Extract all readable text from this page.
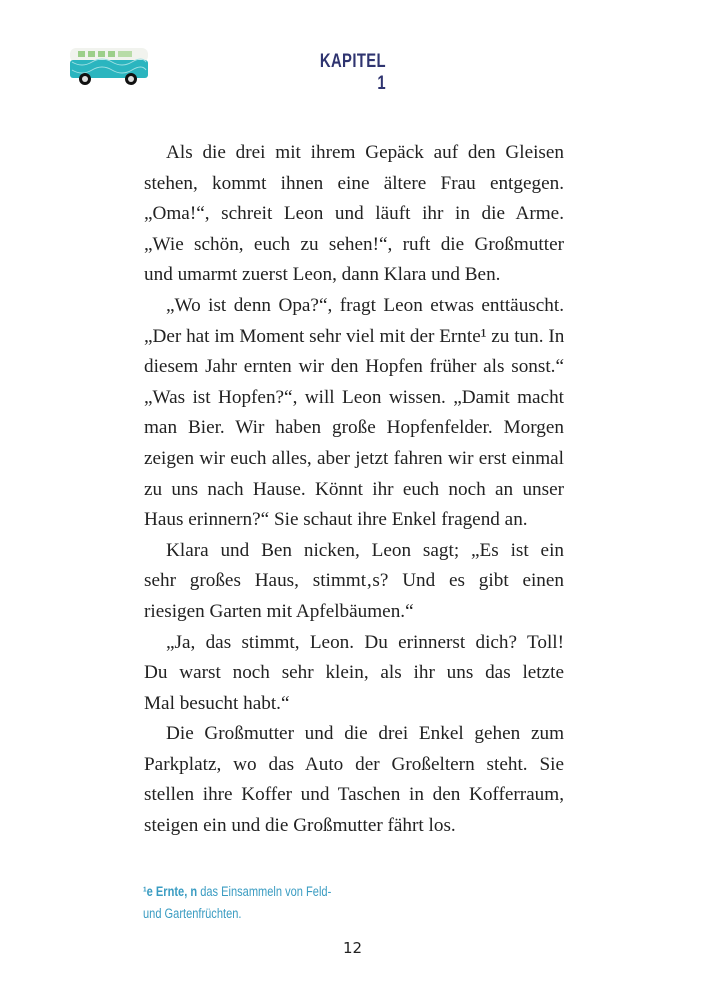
KAPITEL 1
Als die drei mit ihrem Gepäck auf den Gleisen
stehen, kommt ihnen eine ältere Frau entgegen.
„Oma!“, schreit Leon und läuft ihr in die Arme.
„Wie schön, euch zu sehen!“, ruft die Großmutter
und umarmt zuerst Leon, dann Klara und Ben.
„Wo ist denn Opa?“, fragt Leon etwas enttäuscht.
„Der hat im Moment sehr viel mit der Ernte¹ zu tun. In
diesem Jahr ernten wir den Hopfen früher als sonst.“
„Was ist Hopfen?“, will Leon wissen. „Damit macht
man Bier. Wir haben große Hopfenfelder. Morgen
zeigen wir euch alles, aber jetzt fahren wir erst einmal
zu uns nach Hause. Könnt ihr euch noch an unser
Haus erinnern?“ Sie schaut ihre Enkel fragend an.
Klara und Ben nicken, Leon sagt; „Es ist ein
sehr großes Haus, stimmt‚s? Und es gibt einen
riesigen Garten mit Apfelbäumen.“
„Ja, das stimmt, Leon. Du erinnerst dich? Toll!
Du warst noch sehr klein, als ihr uns das letzte
Mal besucht habt.“
Die Großmutter und die drei Enkel gehen zum
Parkplatz, wo das Auto der Großeltern steht. Sie
stellen ihre Koffer und Taschen in den Kofferraum,
steigen ein und die Großmutter fährt los.
¹e Ernte, n das Einsammeln von Feld-
und Gartenfrüchten.
12
